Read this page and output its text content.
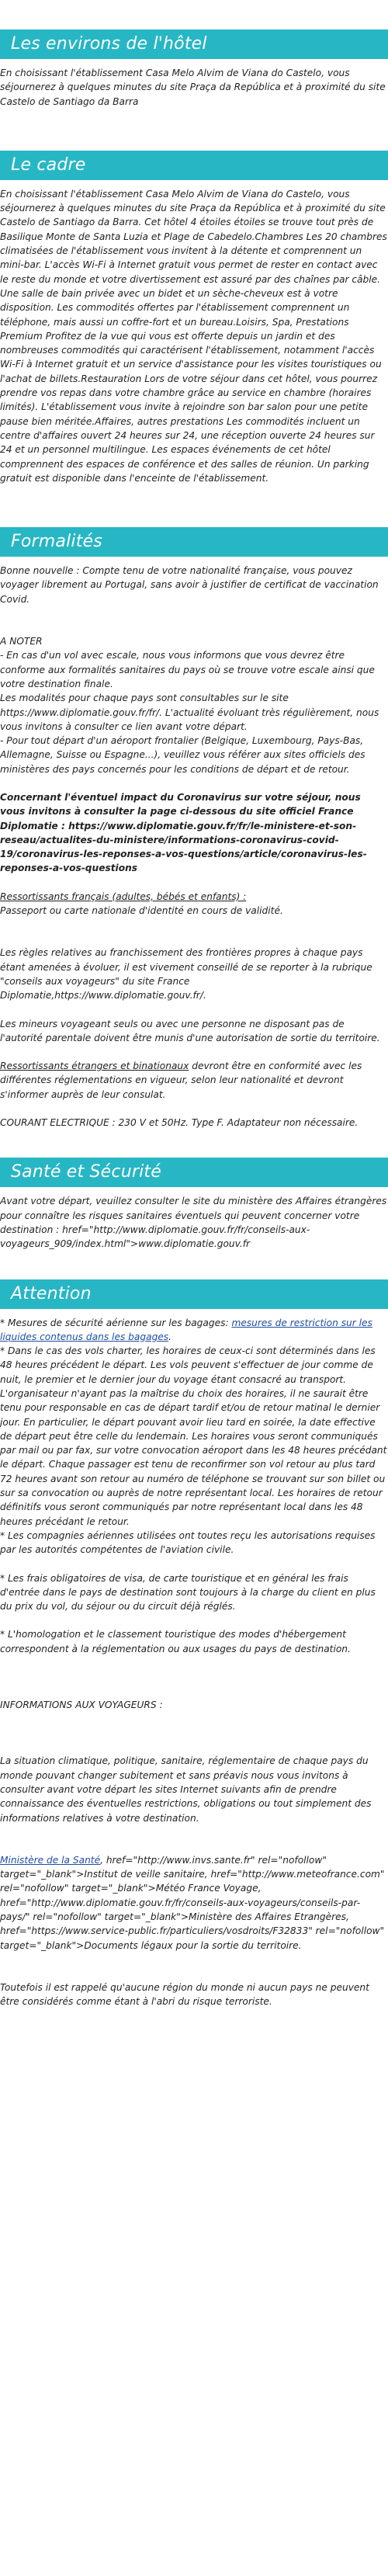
Les environs de l'hôtel

En choisissant l'établissement Casa Melo Alvim de Viana do Castelo, vous séjournerez à quelques minutes du site Praça da República et à proximité du site Castelo de Santiago da Barra

Le cadre

En choisissant l'établissement Casa Melo Alvim de Viana do Castelo, vous séjournerez à quelques minutes du site Praça da República et à proximité du site Castelo de Santiago da Barra. Cet hôtel 4 étoiles étoiles se trouve tout près de Basilique Monte de Santa Luzia et Plage de Cabedelo.Chambres Les 20 chambres climatisées de l'établissement vous invitent à la détente et comprennent un mini-bar. L'accès Wi-Fi à Internet gratuit vous permet de rester en contact avec le reste du monde et votre divertissement est assuré par des chaînes par câble. Une salle de bain privée avec un bidet et un sèche-cheveux est à votre disposition. Les commodités offertes par l'établissement comprennent un téléphone, mais aussi un coffre-fort et un bureau.Loisirs, Spa, Prestations Premium Profitez de la vue qui vous est offerte depuis un jardin et des nombreuses commodités qui caractérisent l'établissement, notamment l'accès Wi-Fi à Internet gratuit et un service d'assistance pour les visites touristiques ou l'achat de billets.Restauration Lors de votre séjour dans cet hôtel, vous pourrez prendre vos repas dans votre chambre grâce au service en chambre (horaires limités). L'établissement vous invite à rejoindre son bar salon pour une petite pause bien méritée.Affaires, autres prestations Les commodités incluent un centre d'affaires ouvert 24 heures sur 24, une réception ouverte 24 heures sur 24 et un personnel multilingue. Les espaces événements de cet hôtel comprennent des espaces de conférence et des salles de réunion. Un parking gratuit est disponible dans l'enceinte de l'établissement.

Formalités

Bonne nouvelle : Compte tenu de votre nationalité française, vous pouvez voyager librement au Portugal, sans avoir à justifier de certificat de vaccination Covid.

A NOTER

- En cas d'un vol avec escale, nous vous informons que vous devrez être conforme aux formalités sanitaires du pays où se trouve votre escale ainsi que votre destination finale.

Les modalités pour chaque pays sont consultables sur le site https://www.diplomatie.gouv.fr/fr/. L'actualité évoluant très régulièrement, nous vous invitons à consulter ce lien avant votre départ.

- Pour tout départ d'un aéroport frontalier (Belgique, Luxembourg, Pays-Bas, Allemagne, Suisse ou Espagne...), veuillez vous référer aux sites officiels des ministères des pays concernés pour les conditions de départ et de retour.

Concernant l'éventuel impact du Coronavirus sur votre séjour, nous vous invitons à consulter la page ci-dessous du site officiel France Diplomatie : https://www.diplomatie.gouv.fr/fr/le-ministere-et-son-reseau/actualites-du-ministere/informations-coronavirus-covid-19/coronavirus-les-reponses-a-vos-questions/article/coronavirus-les-reponses-a-vos-questions

Ressortissants français (adultes, bébés et enfants) :

Passeport ou carte nationale d'identité en cours de validité.

Les règles relatives au franchissement des frontières propres à chaque pays étant amenées à évoluer, il est vivement conseillé de se reporter à la rubrique "conseils aux voyageurs" du site France Diplomatie,https://www.diplomatie.gouv.fr/.

Les mineurs voyageant seuls ou avec une personne ne disposant pas de l'autorité parentale doivent être munis d'une autorisation de sortie du territoire.

Ressortissants étrangers et binationaux devront être en conformité avec les différentes réglementations en vigueur, selon leur nationalité et devront s'informer auprès de leur consulat.

COURANT ELECTRIQUE : 230 V et 50Hz. Type F. Adaptateur non nécessaire.

Santé et Sécurité

Avant votre départ, veuillez consulter le site du ministère des Affaires étrangères pour connaître les risques sanitaires éventuels qui peuvent concerner votre destination : href="http://www.diplomatie.gouv.fr/fr/conseils-aux-voyageurs_909/index.html">www.diplomatie.gouv.fr

Attention

* Mesures de sécurité aérienne sur les bagages: mesures de restriction sur les liquides contenus dans les bagages.

* Dans le cas des vols charter, les horaires de ceux-ci sont déterminés dans les 48 heures précédent le départ. Les vols peuvent s'effectuer de jour comme de nuit, le premier et le dernier jour du voyage étant consacré au transport. L'organisateur n'ayant pas la maîtrise du choix des horaires, il ne saurait être tenu pour responsable en cas de départ tardif et/ou de retour matinal le dernier jour. En particulier, le départ pouvant avoir lieu tard en soirée, la date effective de départ peut être celle du lendemain. Les horaires vous seront communiqués par mail ou par fax, sur votre convocation aéroport dans les 48 heures précédant le départ. Chaque passager est tenu de reconfirmer son vol retour au plus tard 72 heures avant son retour au numéro de téléphone se trouvant sur son billet ou sur sa convocation ou auprès de notre représentant local. Les horaires de retour définitifs vous seront communiqués par notre représentant local dans les 48 heures précédant le retour.

* Les compagnies aériennes utilisées ont toutes reçu les autorisations requises par les autorités compétentes de l'aviation civile.

* Les frais obligatoires de visa, de carte touristique et en général les frais d'entrée dans le pays de destination sont toujours à la charge du client en plus du prix du vol, du séjour ou du circuit déjà réglés.

* L'homologation et le classement touristique des modes d'hébergement correspondent à la réglementation ou aux usages du pays de destination.

INFORMATIONS AUX VOYAGEURS :

La situation climatique, politique, sanitaire, réglementaire de chaque pays du monde pouvant changer subitement et sans préavis nous vous invitons à consulter avant votre départ les sites Internet suivants afin de prendre connaissance des éventuelles restrictions, obligations ou tout simplement des informations relatives à votre destination.

Ministère de la Santé, href="http://www.invs.sante.fr" rel="nofollow" target="_blank">Institut de veille sanitaire, href="http://www.meteofrance.com" rel="nofollow" target="_blank">Météo France Voyage, href="http://www.diplomatie.gouv.fr/fr/conseils-aux-voyageurs/conseils-par-pays/" rel="nofollow" target="_blank">Ministère des Affaires Etrangères, href="https://www.service-public.fr/particuliers/vosdroits/F32833" rel="nofollow" target="_blank">Documents légaux pour la sortie du territoire.

Toutefois il est rappelé qu'aucune région du monde ni aucun pays ne peuvent être considérés comme étant à l'abri du risque terroriste.
